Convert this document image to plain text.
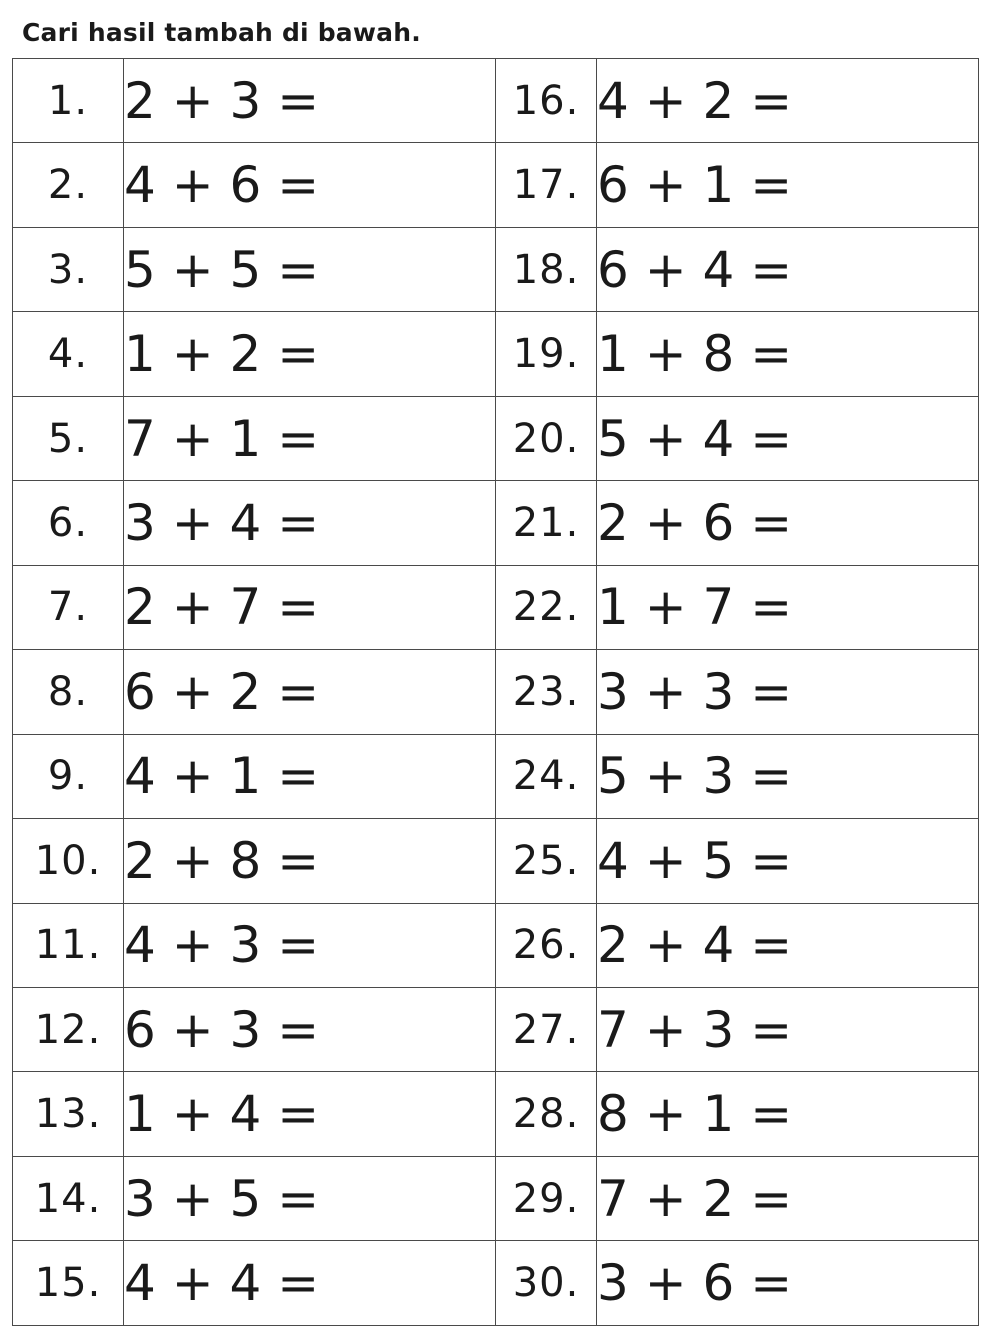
Cari hasil tambah di bawah.
1.	2 + 3 =	16.	4 + 2 =
2.	4 + 6 =	17.	6 + 1 =
3.	5 + 5 =	18.	6 + 4 =
4.	1 + 2 =	19.	1 + 8 =
5.	7 + 1 =	20.	5 + 4 =
6.	3 + 4 =	21.	2 + 6 =
7.	2 + 7 =	22.	1 + 7 =
8.	6 + 2 =	23.	3 + 3 =
9.	4 + 1 =	24.	5 + 3 =
10.	2 + 8 =	25.	4 + 5 =
11.	4 + 3 =	26.	2 + 4 =
12.	6 + 3 =	27.	7 + 3 =
13.	1 + 4 =	28.	8 + 1 =
14.	3 + 5 =	29.	7 + 2 =
15.	4 + 4 =	30.	3 + 6 =
